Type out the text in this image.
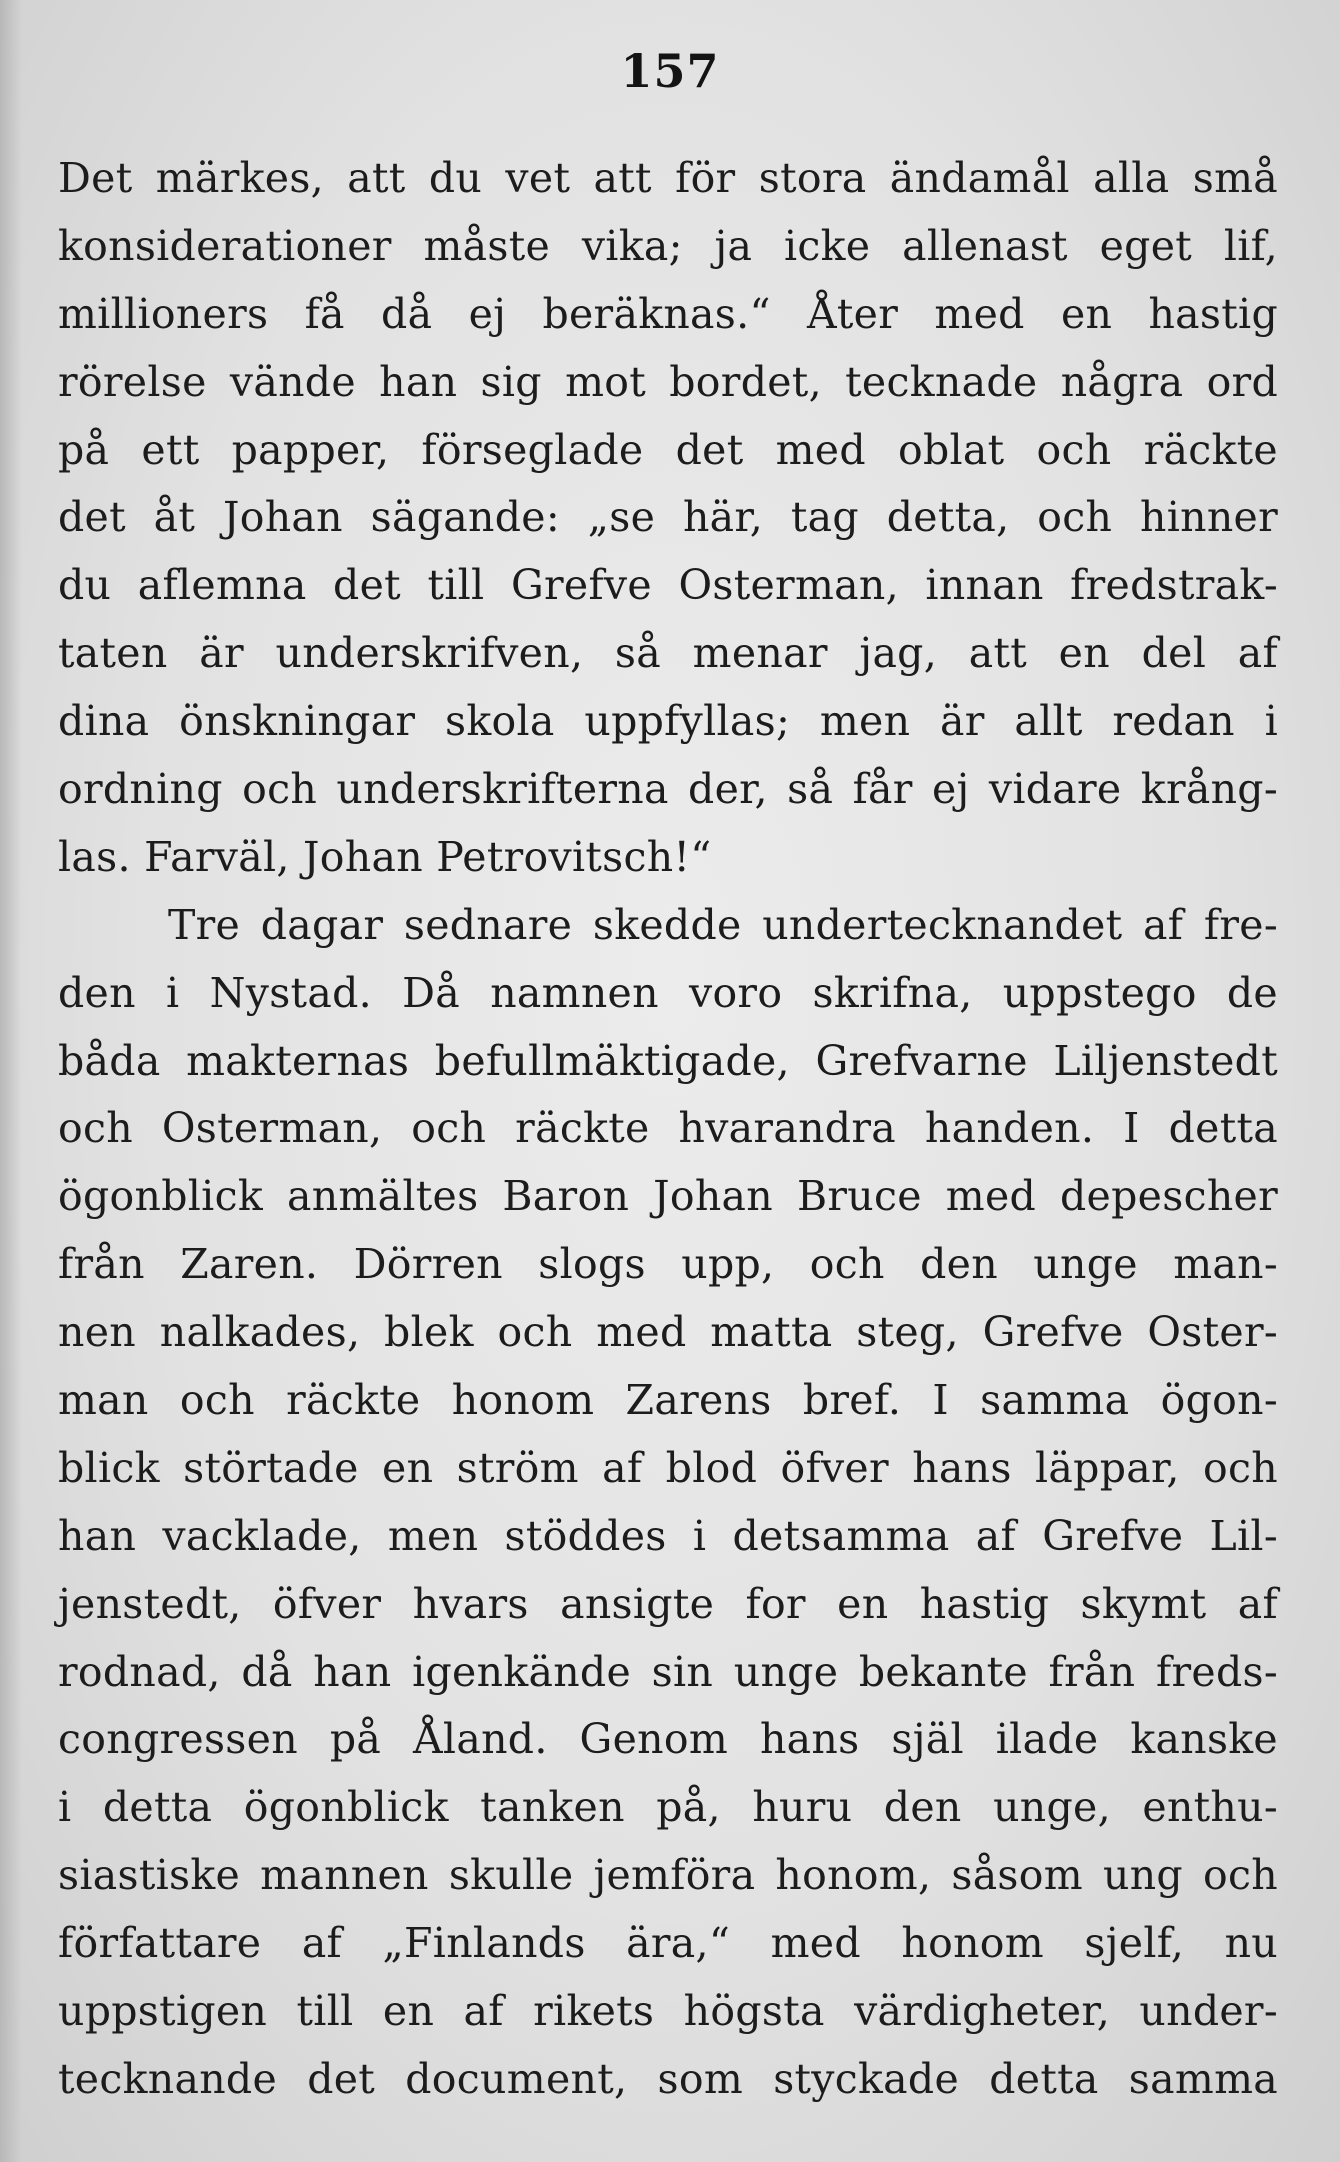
157
Det märkes, att du vet att för stora ändamål alla små
konsiderationer måste vika; ja icke allenast eget lif,
millioners få då ej beräknas.“ Åter med en hastig
rörelse vände han sig mot bordet, tecknade några ord
på ett papper, förseglade det med oblat och räckte
det åt Johan sägande: „se här, tag detta, och hinner
du aflemna det till Grefve Osterman, innan fredstrak-
taten är underskrifven, så menar jag, att en del af
dina önskningar skola uppfyllas; men är allt redan i
ordning och underskrifterna der, så får ej vidare krång-
las. Farväl, Johan Petrovitsch!“
Tre dagar sednare skedde undertecknandet af fre-
den i Nystad. Då namnen voro skrifna, uppstego de
båda makternas befullmäktigade, Grefvarne Liljenstedt
och Osterman, och räckte hvarandra handen. I detta
ögonblick anmältes Baron Johan Bruce med depescher
från Zaren. Dörren slogs upp, och den unge man-
nen nalkades, blek och med matta steg, Grefve Oster-
man och räckte honom Zarens bref. I samma ögon-
blick störtade en ström af blod öfver hans läppar, och
han vacklade, men stöddes i detsamma af Grefve Lil-
jenstedt, öfver hvars ansigte for en hastig skymt af
rodnad, då han igenkände sin unge bekante från freds-
congressen på Åland. Genom hans själ ilade kanske
i detta ögonblick tanken på, huru den unge, enthu-
siastiske mannen skulle jemföra honom, såsom ung och
författare af „Finlands ära,“ med honom sjelf, nu
uppstigen till en af rikets högsta värdigheter, under-
tecknande det document, som styckade detta samma
